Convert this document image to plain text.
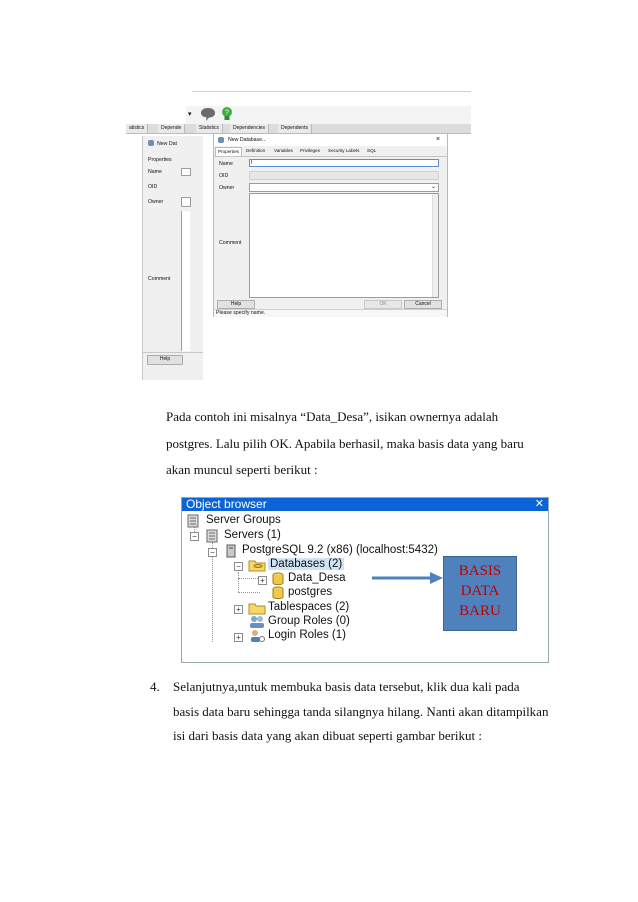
▾	?
atistics	Depende	Statistics	Dependencies	Dependents
New Dat
Properties
Name
OID
Owner
Comment
Help
New Database...	×
Properties	Definition	Variables	Privileges	Security Labels	SQL
Name	I
OID
Owner	⌄
Comment
Help	OK	Cancel
Please specify name.
Pada contoh ini misalnya “Data_Desa”, isikan ownernya adalah
postgres. Lalu pilih OK. Apabila berhasil, maka basis data yang baru
akan muncul seperti berikut :
Object browser	✕
Server Groups
− Servers (1)
− PostgreSQL 9.2 (x86) (localhost:5432)
−	Databases (2)
+ Data_Desa
postgres
+ Tablespaces (2)
Group Roles (0)
+ Login Roles (1)
BASIS
DATA
BARU
4. Selanjutnya,untuk membuka basis data tersebut, klik dua kali pada
basis data baru sehingga tanda silangnya hilang. Nanti akan ditampilkan
isi dari basis data yang akan dibuat seperti gambar berikut :
